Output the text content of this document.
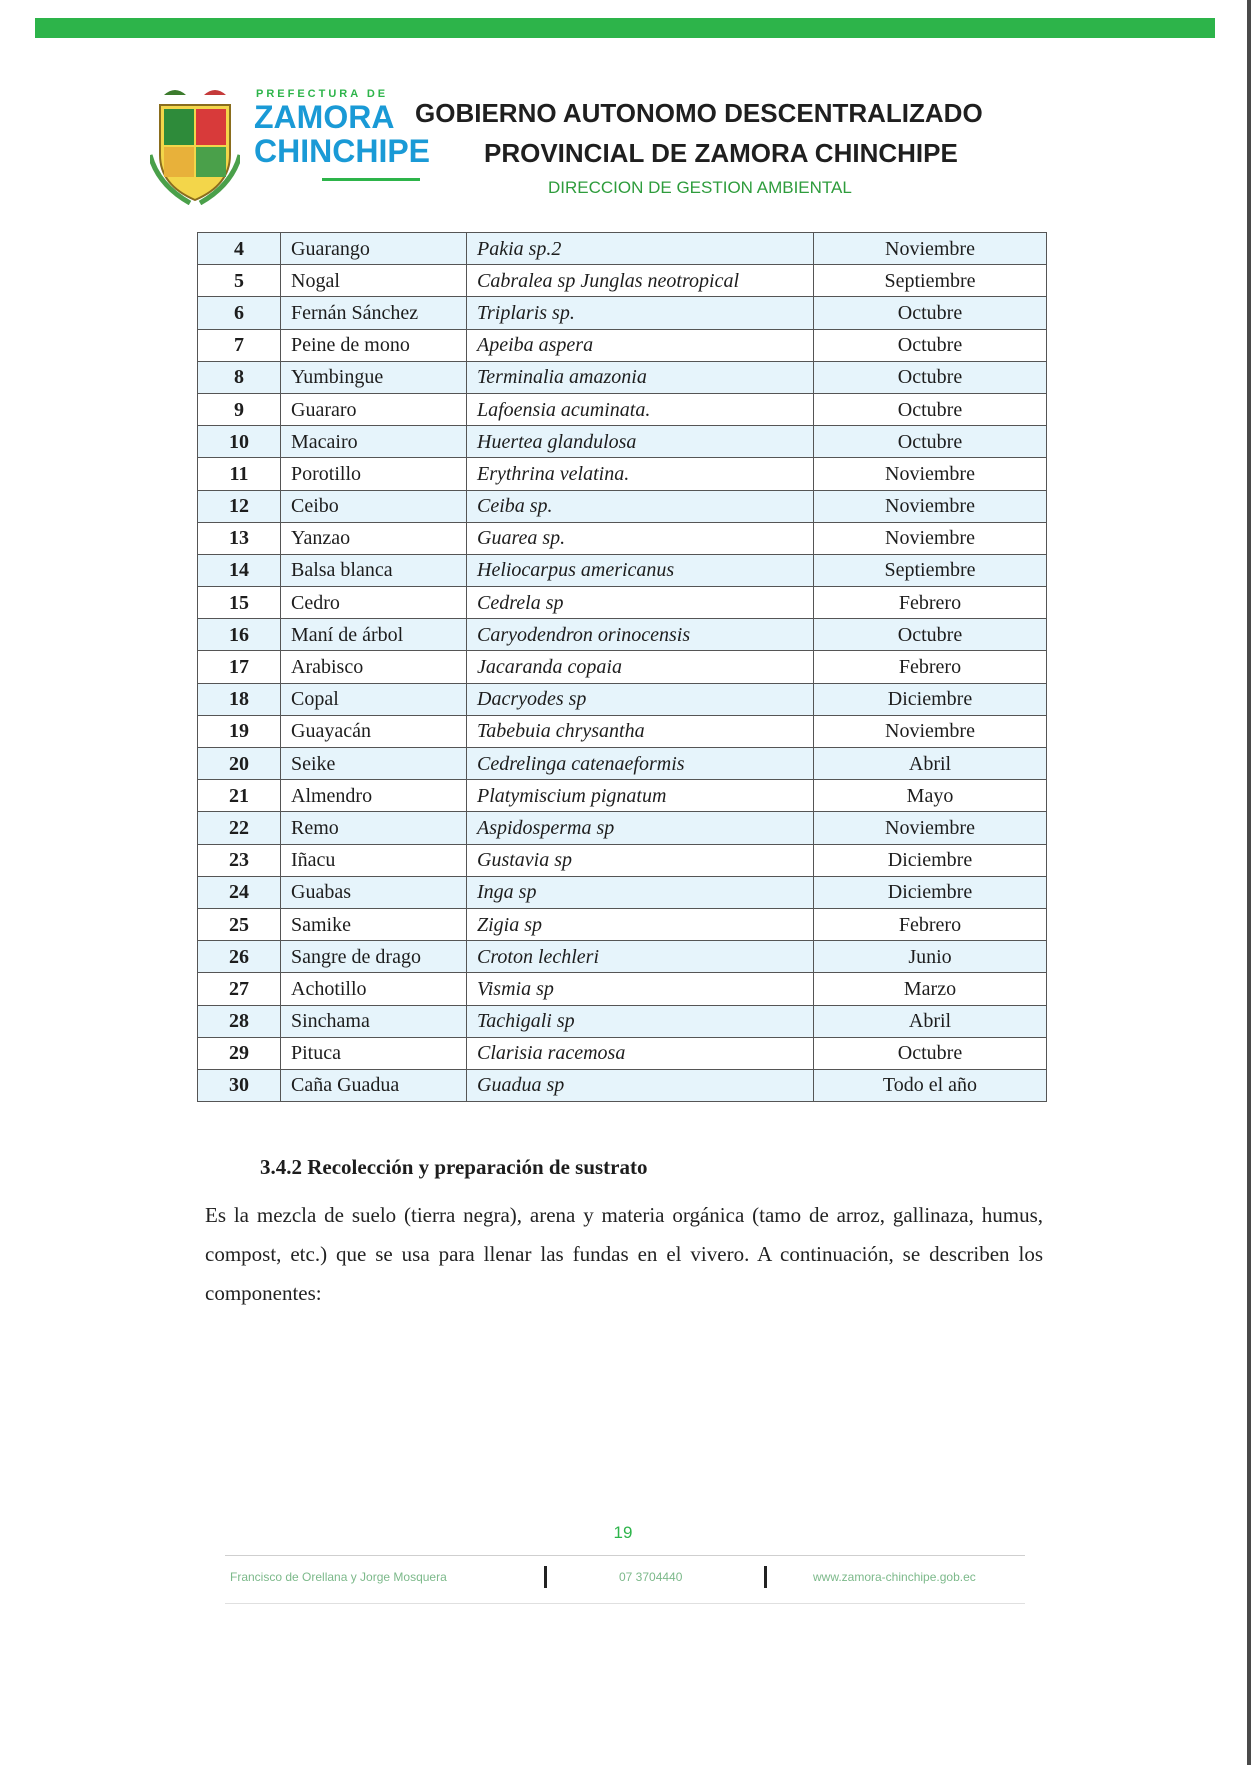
PREFECTURA DE
ZAMORA
CHINCHIPE
GOBIERNO AUTONOMO DESCENTRALIZADO
PROVINCIAL DE ZAMORA CHINCHIPE
DIRECCION DE GESTION AMBIENTAL
4	Guarango	Pakia sp.2	Noviembre
5	Nogal	Cabralea sp Junglas neotropical	Septiembre
6	Fernán Sánchez	Triplaris sp.	Octubre
7	Peine de mono	Apeiba aspera	Octubre
8	Yumbingue	Terminalia amazonia	Octubre
9	Guararo	Lafoensia acuminata.	Octubre
10	Macairo	Huertea glandulosa	Octubre
11	Porotillo	Erythrina velatina.	Noviembre
12	Ceibo	Ceiba sp.	Noviembre
13	Yanzao	Guarea sp.	Noviembre
14	Balsa blanca	Heliocarpus americanus	Septiembre
15	Cedro	Cedrela sp	Febrero
16	Maní de árbol	Caryodendron orinocensis	Octubre
17	Arabisco	Jacaranda copaia	Febrero
18	Copal	Dacryodes sp	Diciembre
19	Guayacán	Tabebuia chrysantha	Noviembre
20	Seike	Cedrelinga catenaeformis	Abril
21	Almendro	Platymiscium pignatum	Mayo
22	Remo	Aspidosperma sp	Noviembre
23	Iñacu	Gustavia sp	Diciembre
24	Guabas	Inga sp	Diciembre
25	Samike	Zigia sp	Febrero
26	Sangre de drago	Croton lechleri	Junio
27	Achotillo	Vismia sp	Marzo
28	Sinchama	Tachigali sp	Abril
29	Pituca	Clarisia racemosa	Octubre
30	Caña Guadua	Guadua sp	Todo el año
3.4.2 Recolección y preparación de sustrato
Es la mezcla de suelo (tierra negra), arena y materia orgánica (tamo de arroz, gallinaza, humus, compost, etc.) que se usa para llenar las fundas en el vivero. A continuación, se describen los componentes:
19
Francisco de Orellana y Jorge Mosquera	07 3704440	www.zamora-chinchipe.gob.ec
